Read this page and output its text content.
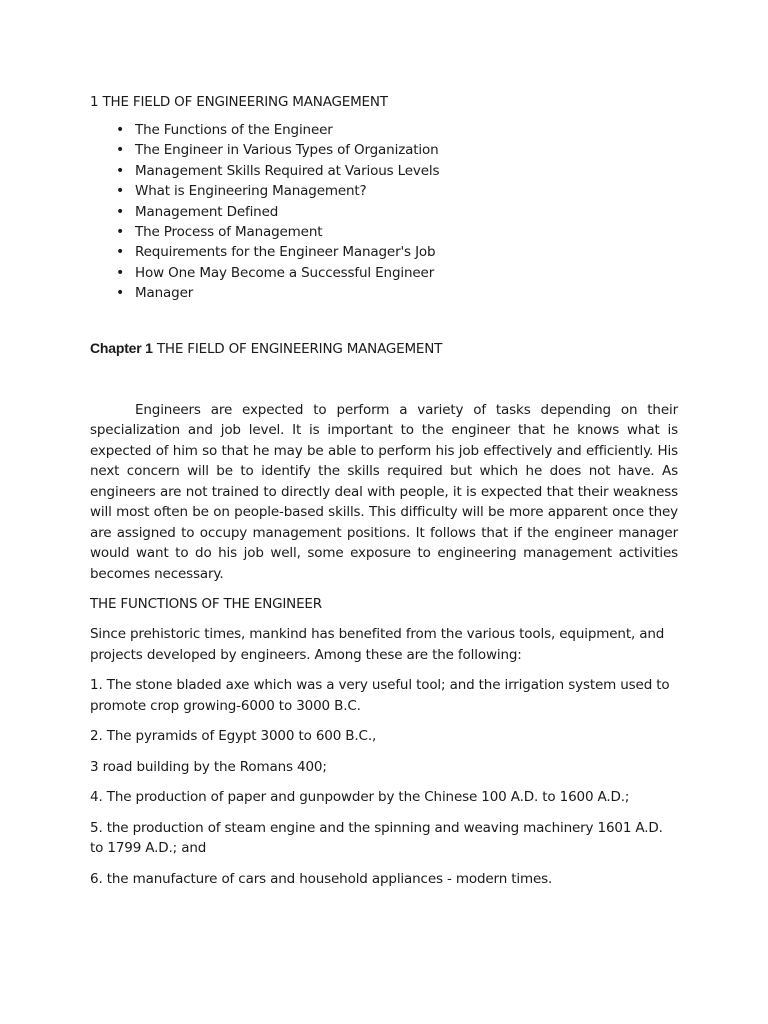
1 THE FIELD OF ENGINEERING MANAGEMENT
• The Functions of the Engineer
• The Engineer in Various Types of Organization
• Management Skills Required at Various Levels
• What is Engineering Management?
• Management Defined
• The Process of Management
• Requirements for the Engineer Manager's Job
• How One May Become a Successful Engineer
• Manager
Chapter 1 THE FIELD OF ENGINEERING MANAGEMENT

Engineers are expected to perform a variety of tasks depending on their specialization and job level. It is important to the engineer that he knows what is expected of him so that he may be able to perform his job effectively and efficiently. His next concern will be to identify the skills required but which he does not have. As engineers are not trained to directly deal with people, it is expected that their weakness will most often be on people-based skills. This difficulty will be more apparent once they are assigned to occupy management positions. It follows that if the engineer manager would want to do his job well, some exposure to engineering management activities becomes necessary.

THE FUNCTIONS OF THE ENGINEER

Since prehistoric times, mankind has benefited from the various tools, equipment, and projects developed by engineers. Among these are the following:

1. The stone bladed axe which was a very useful tool; and the irrigation system used to promote crop growing-6000 to 3000 B.C.

2. The pyramids of Egypt 3000 to 600 B.C.,

3 road building by the Romans 400;

4. The production of paper and gunpowder by the Chinese 100 A.D. to 1600 A.D.;

5. the production of steam engine and the spinning and weaving machinery 1601 A.D. to 1799 A.D.; and

6. the manufacture of cars and household appliances - modern times.
